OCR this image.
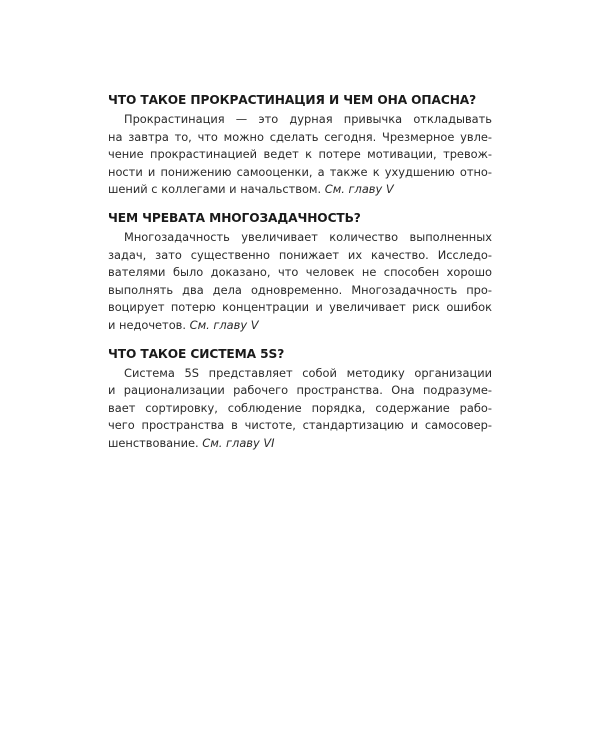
ЧТО ТАКОЕ ПРОКРАСТИНАЦИЯ И ЧЕМ ОНА ОПАСНА?
Прокрастинация — это дурная привычка откладывать
на завтра то, что можно сделать сегодня. Чрезмерное увле-
чение прокрастинацией ведет к потере мотивации, тревож-
ности и понижению самооценки, а также к ухудшению отно-
шений с коллегами и начальством. См. главу V
ЧЕМ ЧРЕВАТА МНОГОЗАДАЧНОСТЬ?
Многозадачность увеличивает количество выполненных
задач, зато существенно понижает их качество. Исследо-
вателями было доказано, что человек не способен хорошо
выполнять два дела одновременно. Многозадачность про-
воцирует потерю концентрации и увеличивает риск ошибок
и недочетов. См. главу V
ЧТО ТАКОЕ СИСТЕМА 5S?
Система 5S представляет собой методику организации
и рационализации рабочего пространства. Она подразуме-
вает сортировку, соблюдение порядка, содержание рабо-
чего пространства в чистоте, стандартизацию и самосовер-
шенствование. См. главу VI
